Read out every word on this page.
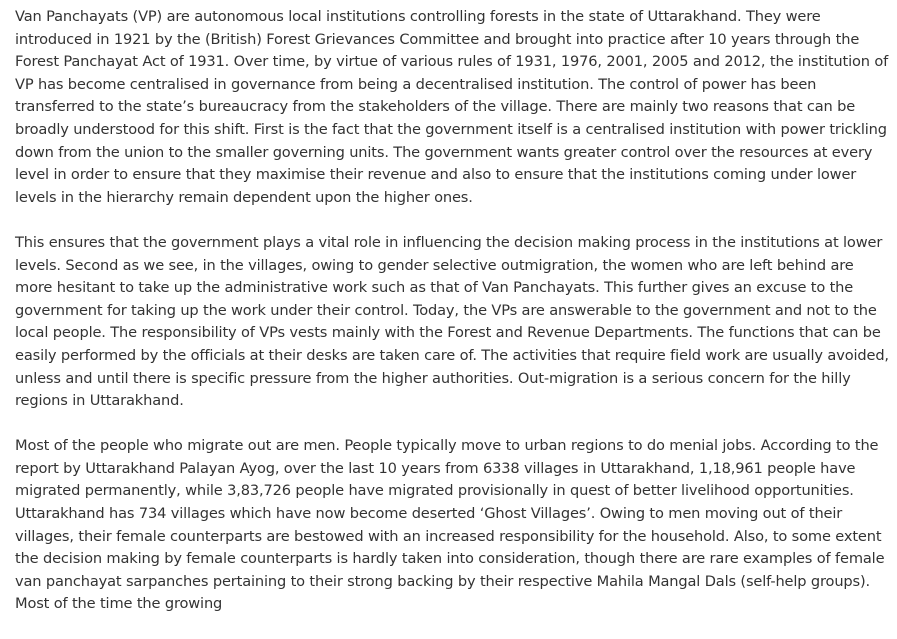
Van Panchayats (VP) are autonomous local institutions controlling forests in the state of Uttarakhand. They were introduced in 1921 by the (British) Forest Grievances Committee and brought into practice after 10 years through the Forest Panchayat Act of 1931. Over time, by virtue of various rules of 1931, 1976, 2001, 2005 and 2012, the institution of VP has become centralised in governance from being a decentralised institution. The control of power has been transferred to the state’s bureaucracy from the stakeholders of the village. There are mainly two reasons that can be broadly understood for this shift. First is the fact that the government itself is a centralised institution with power trickling down from the union to the smaller governing units. The government wants greater control over the resources at every level in order to ensure that they maximise their revenue and also to ensure that the institutions coming under lower levels in the hierarchy remain dependent upon the higher ones.

This ensures that the government plays a vital role in influencing the decision making process in the institutions at lower levels. Second as we see, in the villages, owing to gender selective outmigration, the women who are left behind are more hesitant to take up the administrative work such as that of Van Panchayats. This further gives an excuse to the government for taking up the work under their control. Today, the VPs are answerable to the government and not to the local people. The responsibility of VPs vests mainly with the Forest and Revenue Departments. The functions that can be easily performed by the officials at their desks are taken care of. The activities that require field work are usually avoided, unless and until there is specific pressure from the higher authorities. Out-migration is a serious concern for the hilly regions in Uttarakhand.

Most of the people who migrate out are men. People typically move to urban regions to do menial jobs. According to the report by Uttarakhand Palayan Ayog, over the last 10 years from 6338 villages in Uttarakhand, 1,18,961 people have migrated permanently, while 3,83,726 people have migrated provisionally in quest of better livelihood opportunities. Uttarakhand has 734 villages which have now become deserted ‘Ghost Villages’. Owing to men moving out of their villages, their female counterparts are bestowed with an increased responsibility for the household. Also, to some extent the decision making by female counterparts is hardly taken into consideration, though there are rare examples of female van panchayat sarpanches pertaining to their strong backing by their respective Mahila Mangal Dals (self-help groups). Most of the time the growing
